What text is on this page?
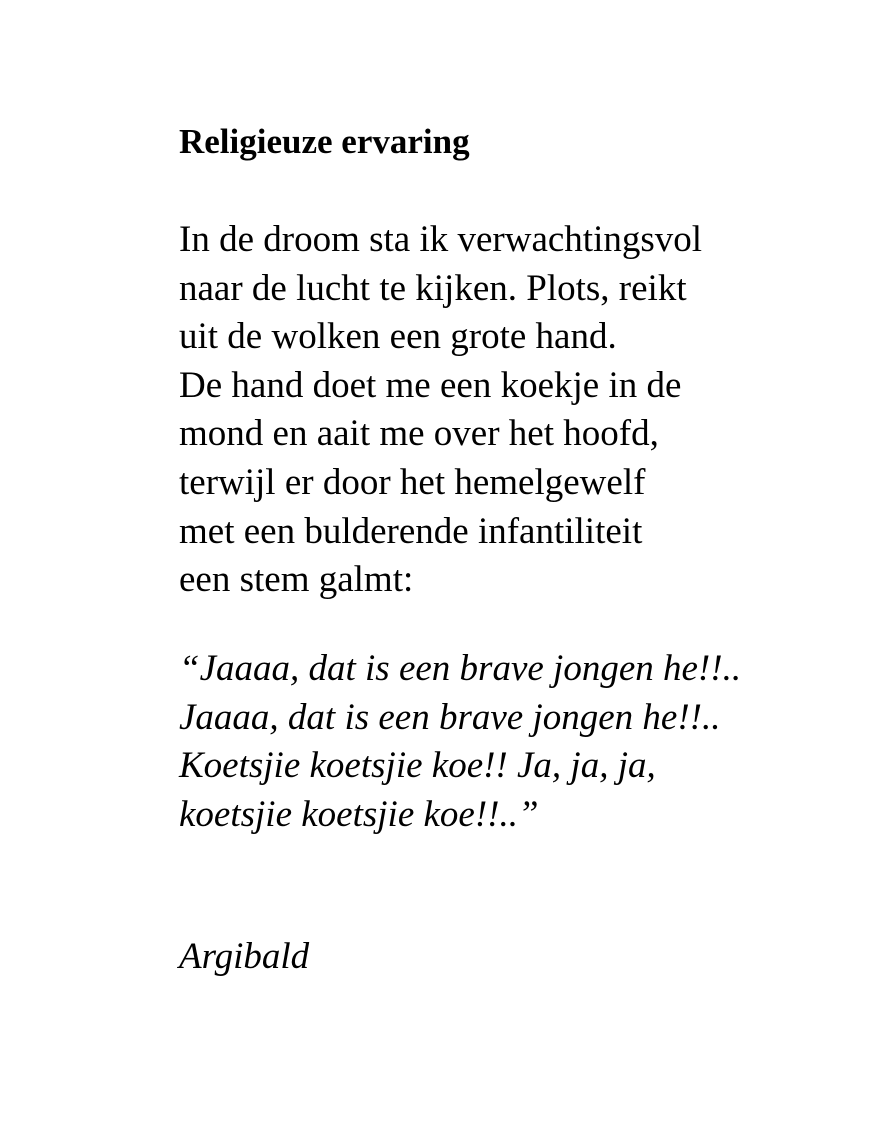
Religieuze ervaring

In de droom sta ik verwachtingsvol
naar de lucht te kijken. Plots, reikt
uit de wolken een grote hand.
De hand doet me een koekje in de
mond en aait me over het hoofd,
terwijl er door het hemelgewelf
met een bulderende infantiliteit
een stem galmt:

“Jaaaa, dat is een brave jongen he!!..
Jaaaa, dat is een brave jongen he!!..
Koetsjie koetsjie koe!! Ja, ja, ja,
koetsjie koetsjie koe!!..”

Argibald
